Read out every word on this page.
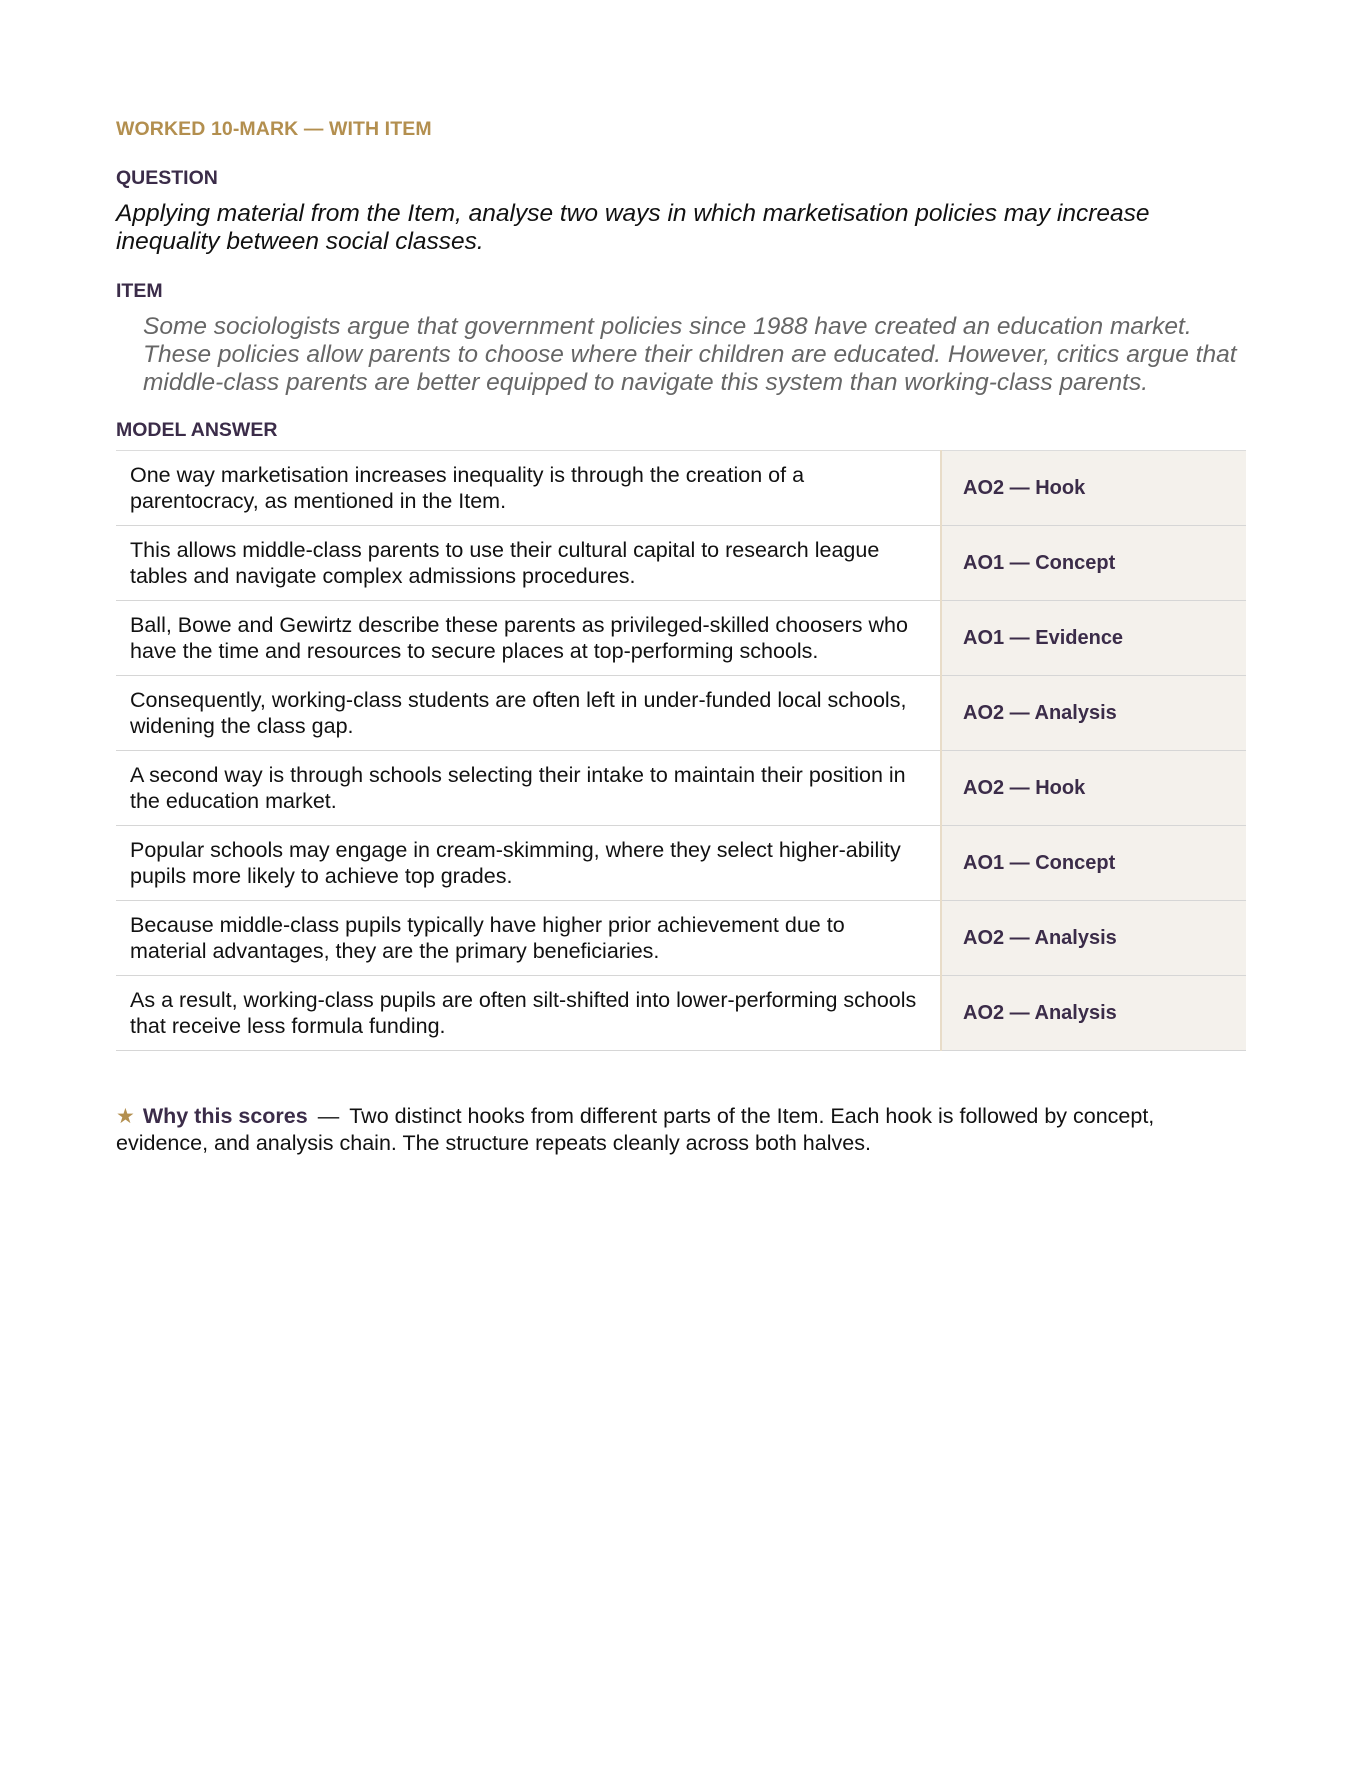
WORKED 10-MARK — WITH ITEM
QUESTION
Applying material from the Item, analyse two ways in which marketisation policies may increase inequality between social classes.
ITEM
Some sociologists argue that government policies since 1988 have created an education market. These policies allow parents to choose where their children are educated. However, critics argue that middle-class parents are better equipped to navigate this system than working-class parents.
MODEL ANSWER
One way marketisation increases inequality is through the creation of a parentocracy, as mentioned in the Item.	AO2 — Hook
This allows middle-class parents to use their cultural capital to research league tables and navigate complex admissions procedures.	AO1 — Concept
Ball, Bowe and Gewirtz describe these parents as privileged-skilled choosers who have the time and resources to secure places at top-performing schools.	AO1 — Evidence
Consequently, working-class students are often left in under-funded local schools, widening the class gap.	AO2 — Analysis
A second way is through schools selecting their intake to maintain their position in the education market.	AO2 — Hook
Popular schools may engage in cream-skimming, where they select higher-ability pupils more likely to achieve top grades.	AO1 — Concept
Because middle-class pupils typically have higher prior achievement due to material advantages, they are the primary beneficiaries.	AO2 — Analysis
As a result, working-class pupils are often silt-shifted into lower-performing schools that receive less formula funding.	AO2 — Analysis
★ Why this scores — Two distinct hooks from different parts of the Item. Each hook is followed by concept, evidence, and analysis chain. The structure repeats cleanly across both halves.
